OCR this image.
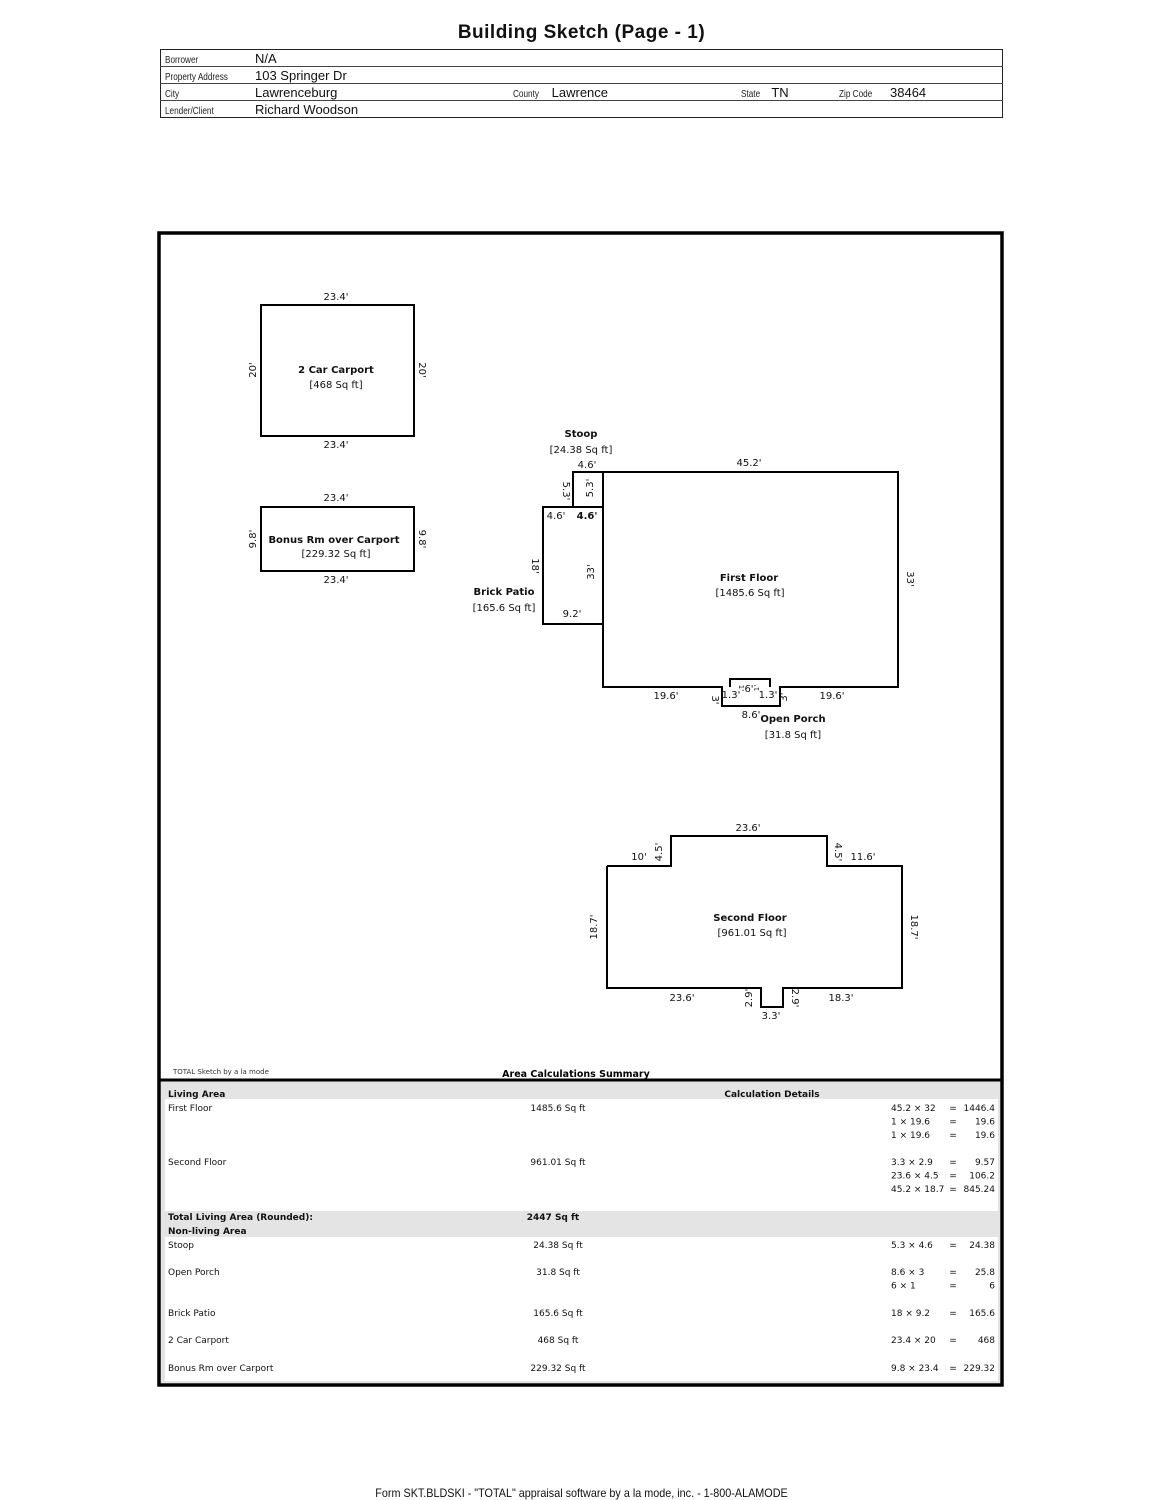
Building Sketch (Page - 1)
Borrower	N/A			
Property Address	103 Springer Dr			
City	Lawrenceburg	County Lawrence	State TN	Zip Code 38464
Lender/Client	Richard Woodson			
23.4'
23.4'
20'	20'
2 Car Carport
[468 Sq ft]
23.4'
23.4'
9.8'	9.8'
Bonus Rm over Carport
[229.32 Sq ft]
Stoop
[24.38 Sq ft]
4.6'
5.3' 5.3'
4.6' 4.6'
18'	33'
9.2'
Brick Patio
[165.6 Sq ft]
45.2'
33'
First Floor
[1485.6 Sq ft]
19.6'	19.6'
6'
1.3' 1.3'
1' 1'
3'	3'
8.6' Open Porch
[31.8 Sq ft]
23.6'
10'	11.6'
4.5'	4.5'
18.7'	18.7'
Second Floor
[961.01 Sq ft]
23.6'	18.3'
2.9'	2.9'
3.3'
TOTAL Sketch by a la mode	Area Calculations Summary
Living Area	Calculation Details
First Floor	1485.6 Sq ft	45.2 × 32 = 1446.4
1 × 19.6 = 19.6
1 × 19.6 = 19.6
Second Floor	961.01 Sq ft	3.3 × 2.9 = 9.57
23.6 × 4.5 = 106.2
45.2 × 18.7 = 845.24
Total Living Area (Rounded):	2447 Sq ft
Non-living Area
Stoop	24.38 Sq ft	5.3 × 4.6 = 24.38
Open Porch	31.8 Sq ft	8.6 × 3	= 25.8
6 × 1	=	6
Brick Patio	165.6 Sq ft	18 × 9.2 = 165.6
2 Car Carport	468 Sq ft	23.4 × 20 = 468
Bonus Rm over Carport	229.32 Sq ft	9.8 × 23.4 = 229.32
Form SKT.BLDSKI - "TOTAL" appraisal software by a la mode, inc. - 1-800-ALAMODE
